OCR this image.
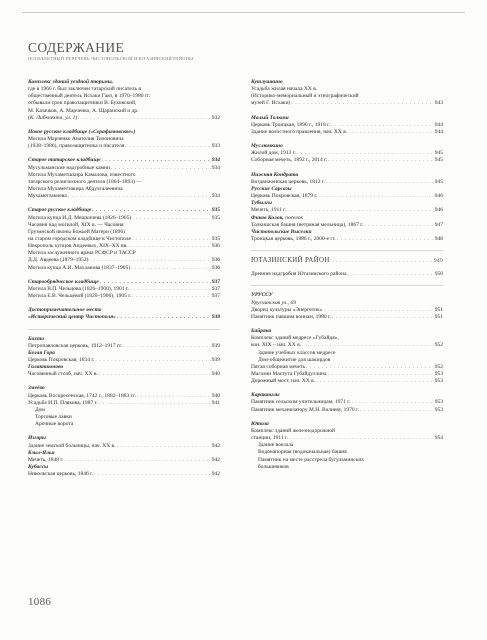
СОДЕРЖАНИЕ
ПООБЪЕКТНЫЙ ПЕРЕЧЕНЬ ЧИСТОПОЛЬСКОЙ И ЮТАЗИНСКИЙ РАЙОНЫ
Комплекс зданий уездной тюрьмы,
где в 1966 г. был заключен татарский писатель и
общественный деятель Исхаки Гаяз, в 1970–1980 гг.
отбывали срок правозащитники В. Буковский,
М. Казачков, А. Марченко, А. Щаранский и др.
(К. Либкнехта, ул. 1) . . .	932
Новое русское кладбище («Серафимовское»)
Могила Марченко Анатолия Тихоновича
(1938–1986), правозащитника и писателя . . .	933
Старое татарское кладбище . . .	934
Мусульманские надгробные камни . . .	934
Могила Мухаметшкира Камалова, известного
татарского религиозного деятеля (1864–1893) —
Могила Мухаметзакира Абдулгалеевича
Мухаметзакиева . . .	934
Старое русское кладбище . . .	935
Могила купца И.Д. Мешкичева (1826–1905) . . .	935
Часовня над могилой, XIX в. — Часовня
Грузинской иконы Божьей Матери (1896)
на старом городском кладбище в Чистополе . . .	935
Некрополь купцов Андеевых, XIX–XX вв. . . .	936
Могила заслуженного врача РСФСР и ТАССР
Д.Д. Авдеева (1879–1952) . . .	936
Могила купца А.И. Махланова (1837–1905) . . .	936
Старообрядческое кладбище . . .	937
Могила В.П. Чельцова (1826–1900), 1901 г. . . .	937
Могила Е.В. Чельцевой (1820–1906), 1905 г. . . .	937
Достопримечательное место
«Исторический центр Чистополя» . . .	938
Бахта
Петропавловская церковь, 1912–1917 гг. . . .	939
Белая Гора
Церковь Покровская, 1834 г. . . .	939
Галактионово
Часовенный столб, нач. XX в. . . .	940
Змеёво
Церковь Воскресенская, 1742 г., 1882–1883 гг. . . .	940
Усадьба И.П. Плякова, 1887 г. . . .	941
Дом
Торговые лавки
Арочные ворота
Изгары
Здание земской больницы, нач. XX в. . . .	942
Кзыл-Яльи
Мечеть, 1848 г. . . .	942
Кубассы
Никольская церковь, 1846 г. . . .	942
Кутлушкино
Усадьба жилая начала XX в.
(Историко-мемориальный и этнографический
музей Г. Исхаки) . . .	943
Малый Толкиш
Церковь Троицкая, 1890 г., 1918 г. . . .	944
Здание волостного правления, нач. XX в. . . .	944
Муслюмкино
Жилой дом, 1913 г. . . .	945
Соборная мечеть, 1892 г., 2014 г. . . .	945
Нижняя Кондрата
Воздвиженская церковь, 1812 г. . . .	945
Русские Сарсазы
Церковь Покровская, 1879 г. . . .	946
Тубылгы
Мечеть, 1911 г. . . .	946
Фиков Колок, поселок
Толкишская башня (ветряная мельница), 1867 г. . . .	947
Чистопольские Выселки
Троицкая церковь, 1886 г., 2000-е гг. . . .	948
ЮТАЗИНСКИЙ РАЙОН . . .	949
Древние надгробия Ютазинского района . . .	950
УРУССУ
Урусчинская ул., 69
Дворец культуры «Энергетик» . . .	951
Памятник павшим воинам, 1980 г. . . .	951
Байряка
Комплекс зданий медресе «Губайдя»,
кон. XIX – нач. XX в. . . .	952
Здание учебных классов медресе
Дом-общежитие для шакирдов
Пятая соборная мечеть . . .	952
Магазин Мастута Губайдуллина . . .	953
Дорожный мост, нач. XX в. . . .	953
Каракашлы
Памятник сельским учительницам, 1971 г. . . .	953
Памятник механизатору М.Н. Валиеву, 1970 г. . . .	953
Ютаза
Комплекс зданий железнодорожной
станции, 1911 г. . . .	954
Здание вокзала
Водонапорная (водокачальная) башня
Памятник на месте расстрела бугульминских
большевиков
1086
